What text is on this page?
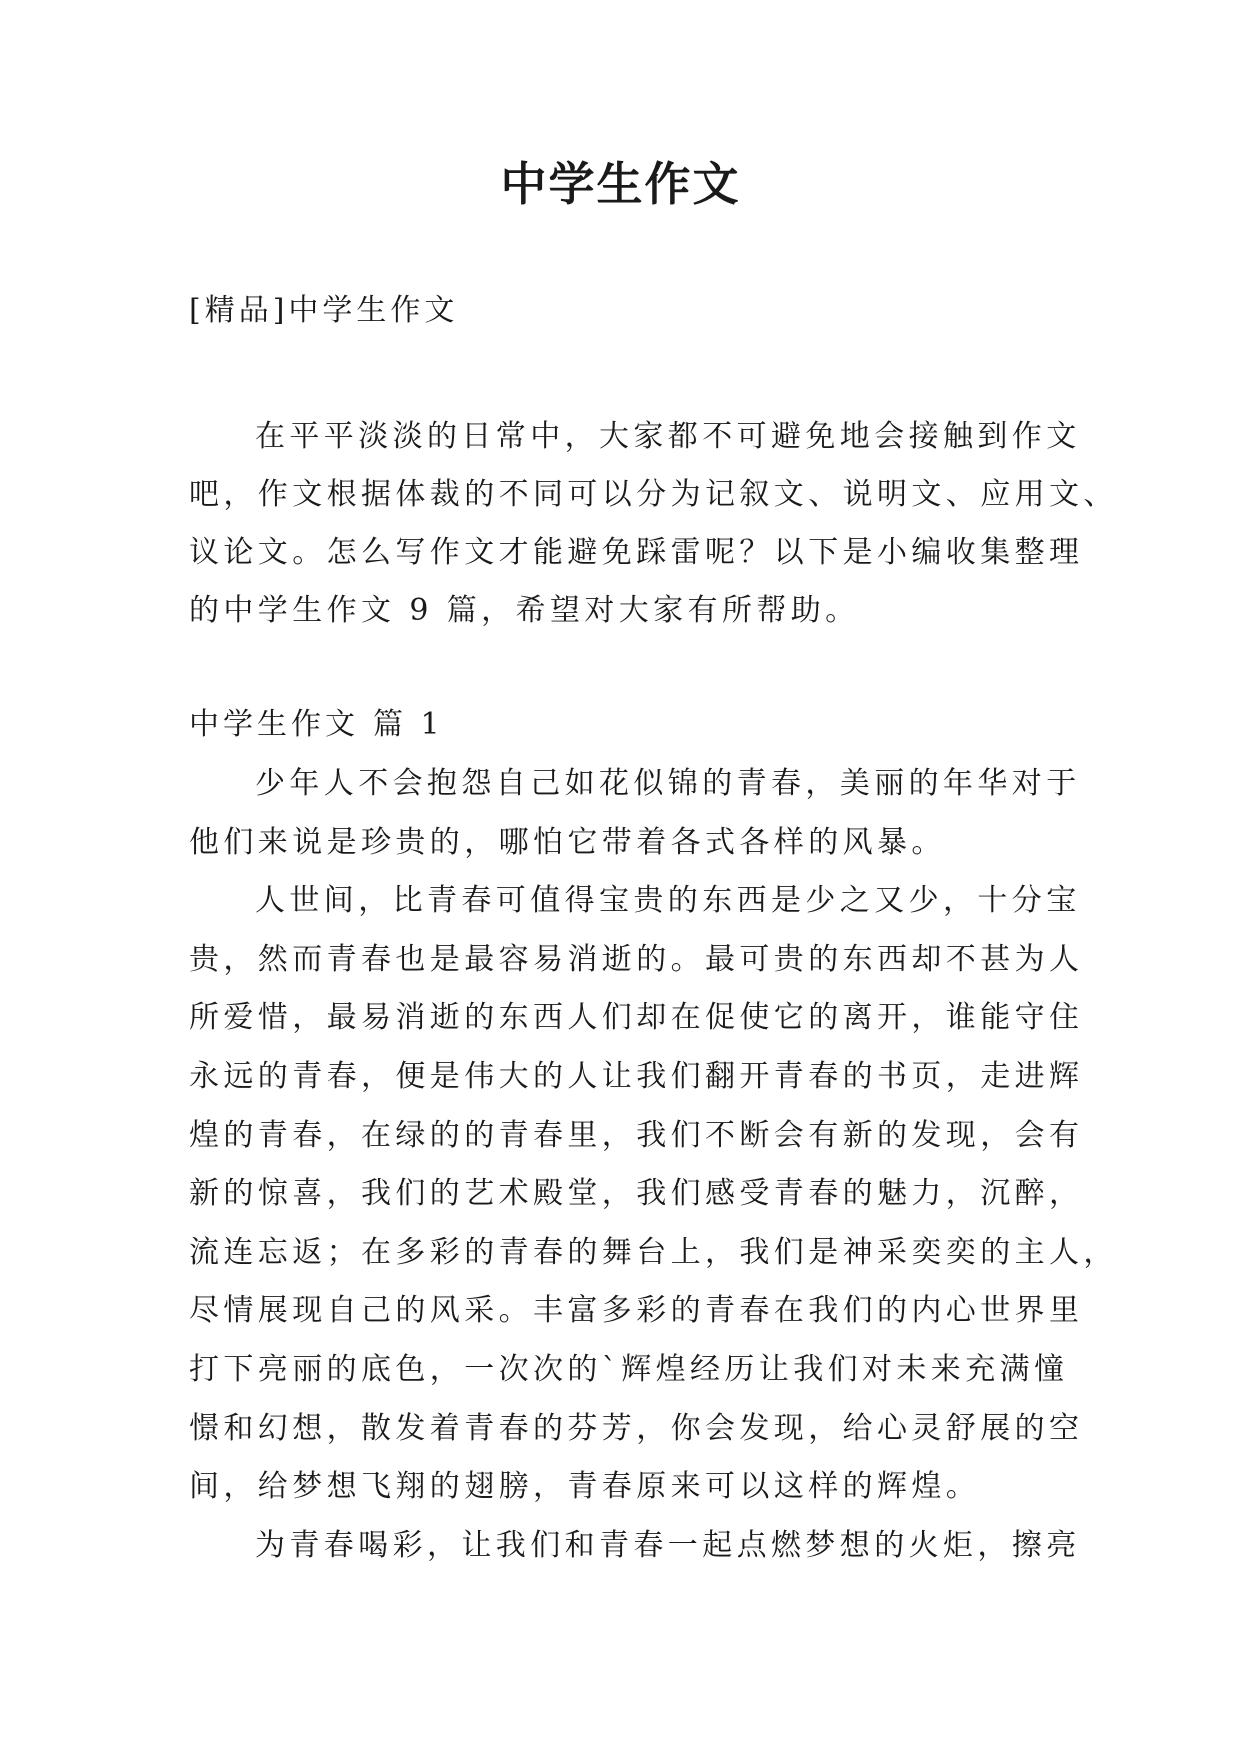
中学生作文
[精品]中学生作文
在平平淡淡的日常中，大家都不可避免地会接触到作文
吧，作文根据体裁的不同可以分为记叙文、说明文、应用文、
议论文。怎么写作文才能避免踩雷呢？以下是小编收集整理
的中学生作文 9 篇，希望对大家有所帮助。
中学生作文 篇 1
少年人不会抱怨自己如花似锦的青春，美丽的年华对于
他们来说是珍贵的，哪怕它带着各式各样的风暴。
人世间，比青春可值得宝贵的东西是少之又少，十分宝
贵，然而青春也是最容易消逝的。最可贵的东西却不甚为人
所爱惜，最易消逝的东西人们却在促使它的离开，谁能守住
永远的青春，便是伟大的人让我们翻开青春的书页，走进辉
煌的青春，在绿的的青春里，我们不断会有新的发现，会有
新的惊喜，我们的艺术殿堂，我们感受青春的魅力，沉醉，
流连忘返；在多彩的青春的舞台上，我们是神采奕奕的主人，
尽情展现自己的风采。丰富多彩的青春在我们的内心世界里
打下亮丽的底色，一次次的`辉煌经历让我们对未来充满憧
憬和幻想，散发着青春的芬芳，你会发现，给心灵舒展的空
间，给梦想飞翔的翅膀，青春原来可以这样的辉煌。
为青春喝彩，让我们和青春一起点燃梦想的火炬，擦亮
